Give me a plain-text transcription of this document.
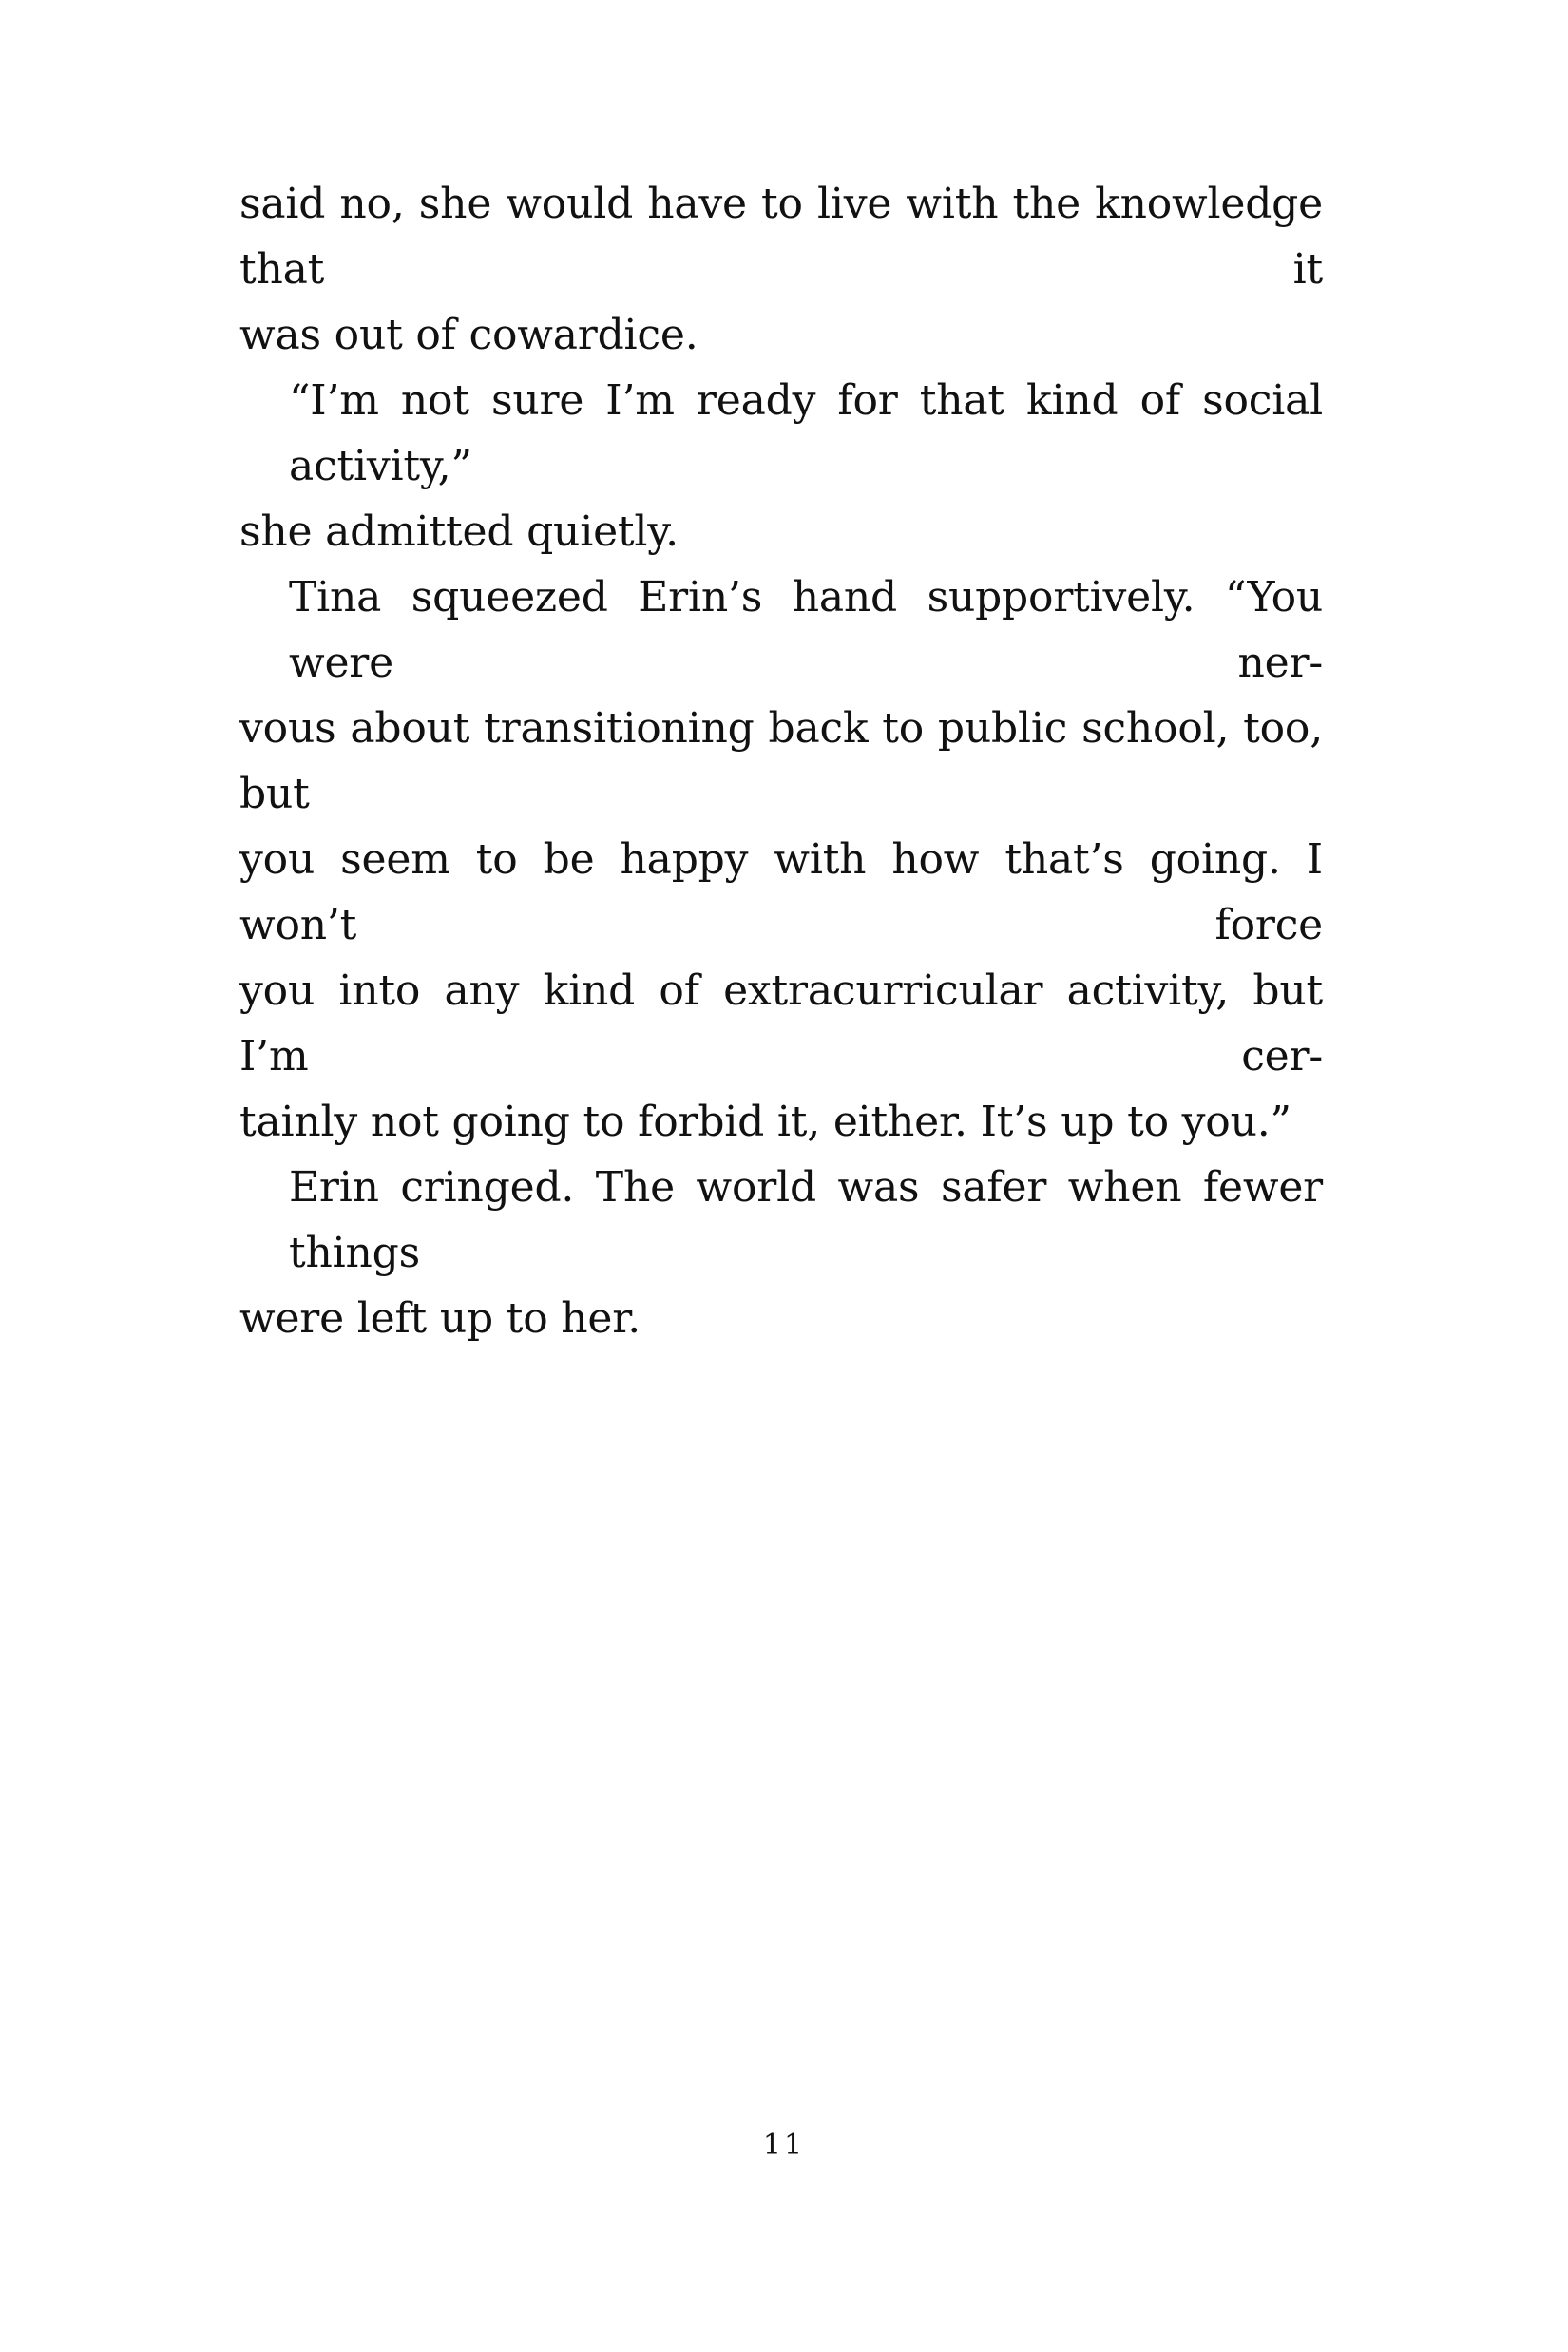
said no, she would have to live with the knowledge that it
was out of cowardice.
“I’m not sure I’m ready for that kind of social activity,”
she admitted quietly.
Tina squeezed Erin’s hand supportively. “You were ner-
vous about transitioning back to public school, too, but
you seem to be happy with how that’s going. I won’t force
you into any kind of extracurricular activity, but I’m cer-
tainly not going to forbid it, either. It’s up to you.”
Erin cringed. The world was safer when fewer things
were left up to her.
11
